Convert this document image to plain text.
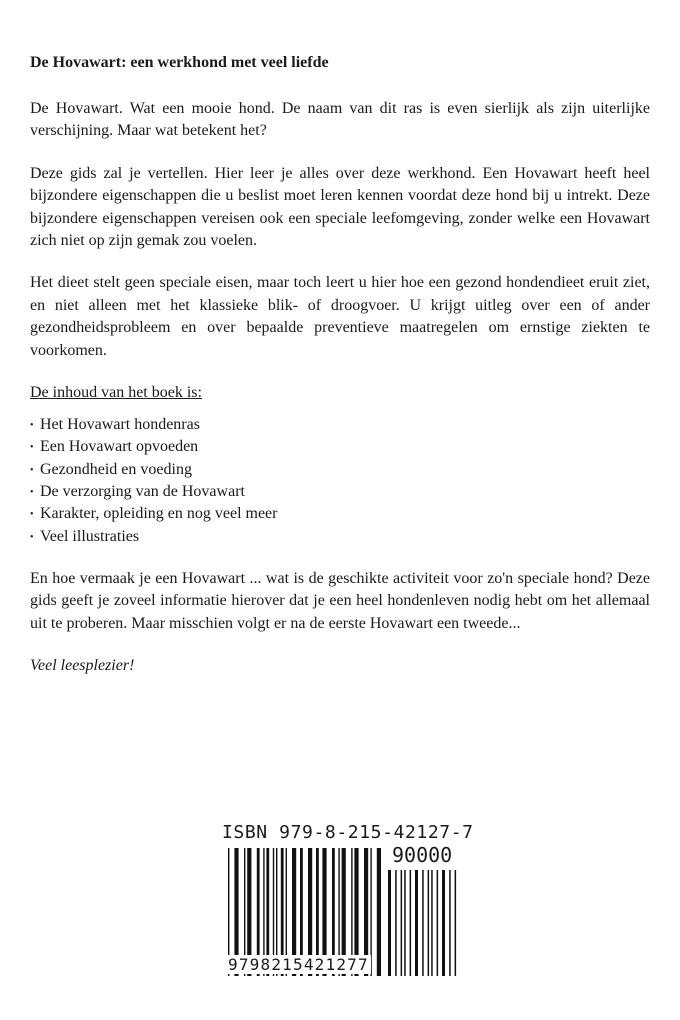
De Hovawart: een werkhond met veel liefde

De Hovawart. Wat een mooie hond. De naam van dit ras is even sierlijk als zijn uiterlijke verschijning. Maar wat betekent het?

Deze gids zal je vertellen. Hier leer je alles over deze werkhond. Een Hovawart heeft heel bijzondere eigenschappen die u beslist moet leren kennen voordat deze hond bij u intrekt. Deze bijzondere eigenschappen vereisen ook een speciale leefomgeving, zonder welke een Hovawart zich niet op zijn gemak zou voelen.

Het dieet stelt geen speciale eisen, maar toch leert u hier hoe een gezond hondendieet eruit ziet, en niet alleen met het klassieke blik- of droogvoer. U krijgt uitleg over een of ander gezondheidsprobleem en over bepaalde preventieve maatregelen om ernstige ziekten te voorkomen.

De inhoud van het boek is:
• Het Hovawart hondenras
• Een Hovawart opvoeden
• Gezondheid en voeding
• De verzorging van de Hovawart
• Karakter, opleiding en nog veel meer
• Veel illustraties

En hoe vermaak je een Hovawart ... wat is de geschikte activiteit voor zo'n speciale hond? Deze gids geeft je zoveel informatie hierover dat je een heel hondenleven nodig hebt om het allemaal uit te proberen. Maar misschien volgt er na de eerste Hovawart een tweede...

Veel leesplezier!

ISBN 979-8-215-42127-7
90000
9798215421277
